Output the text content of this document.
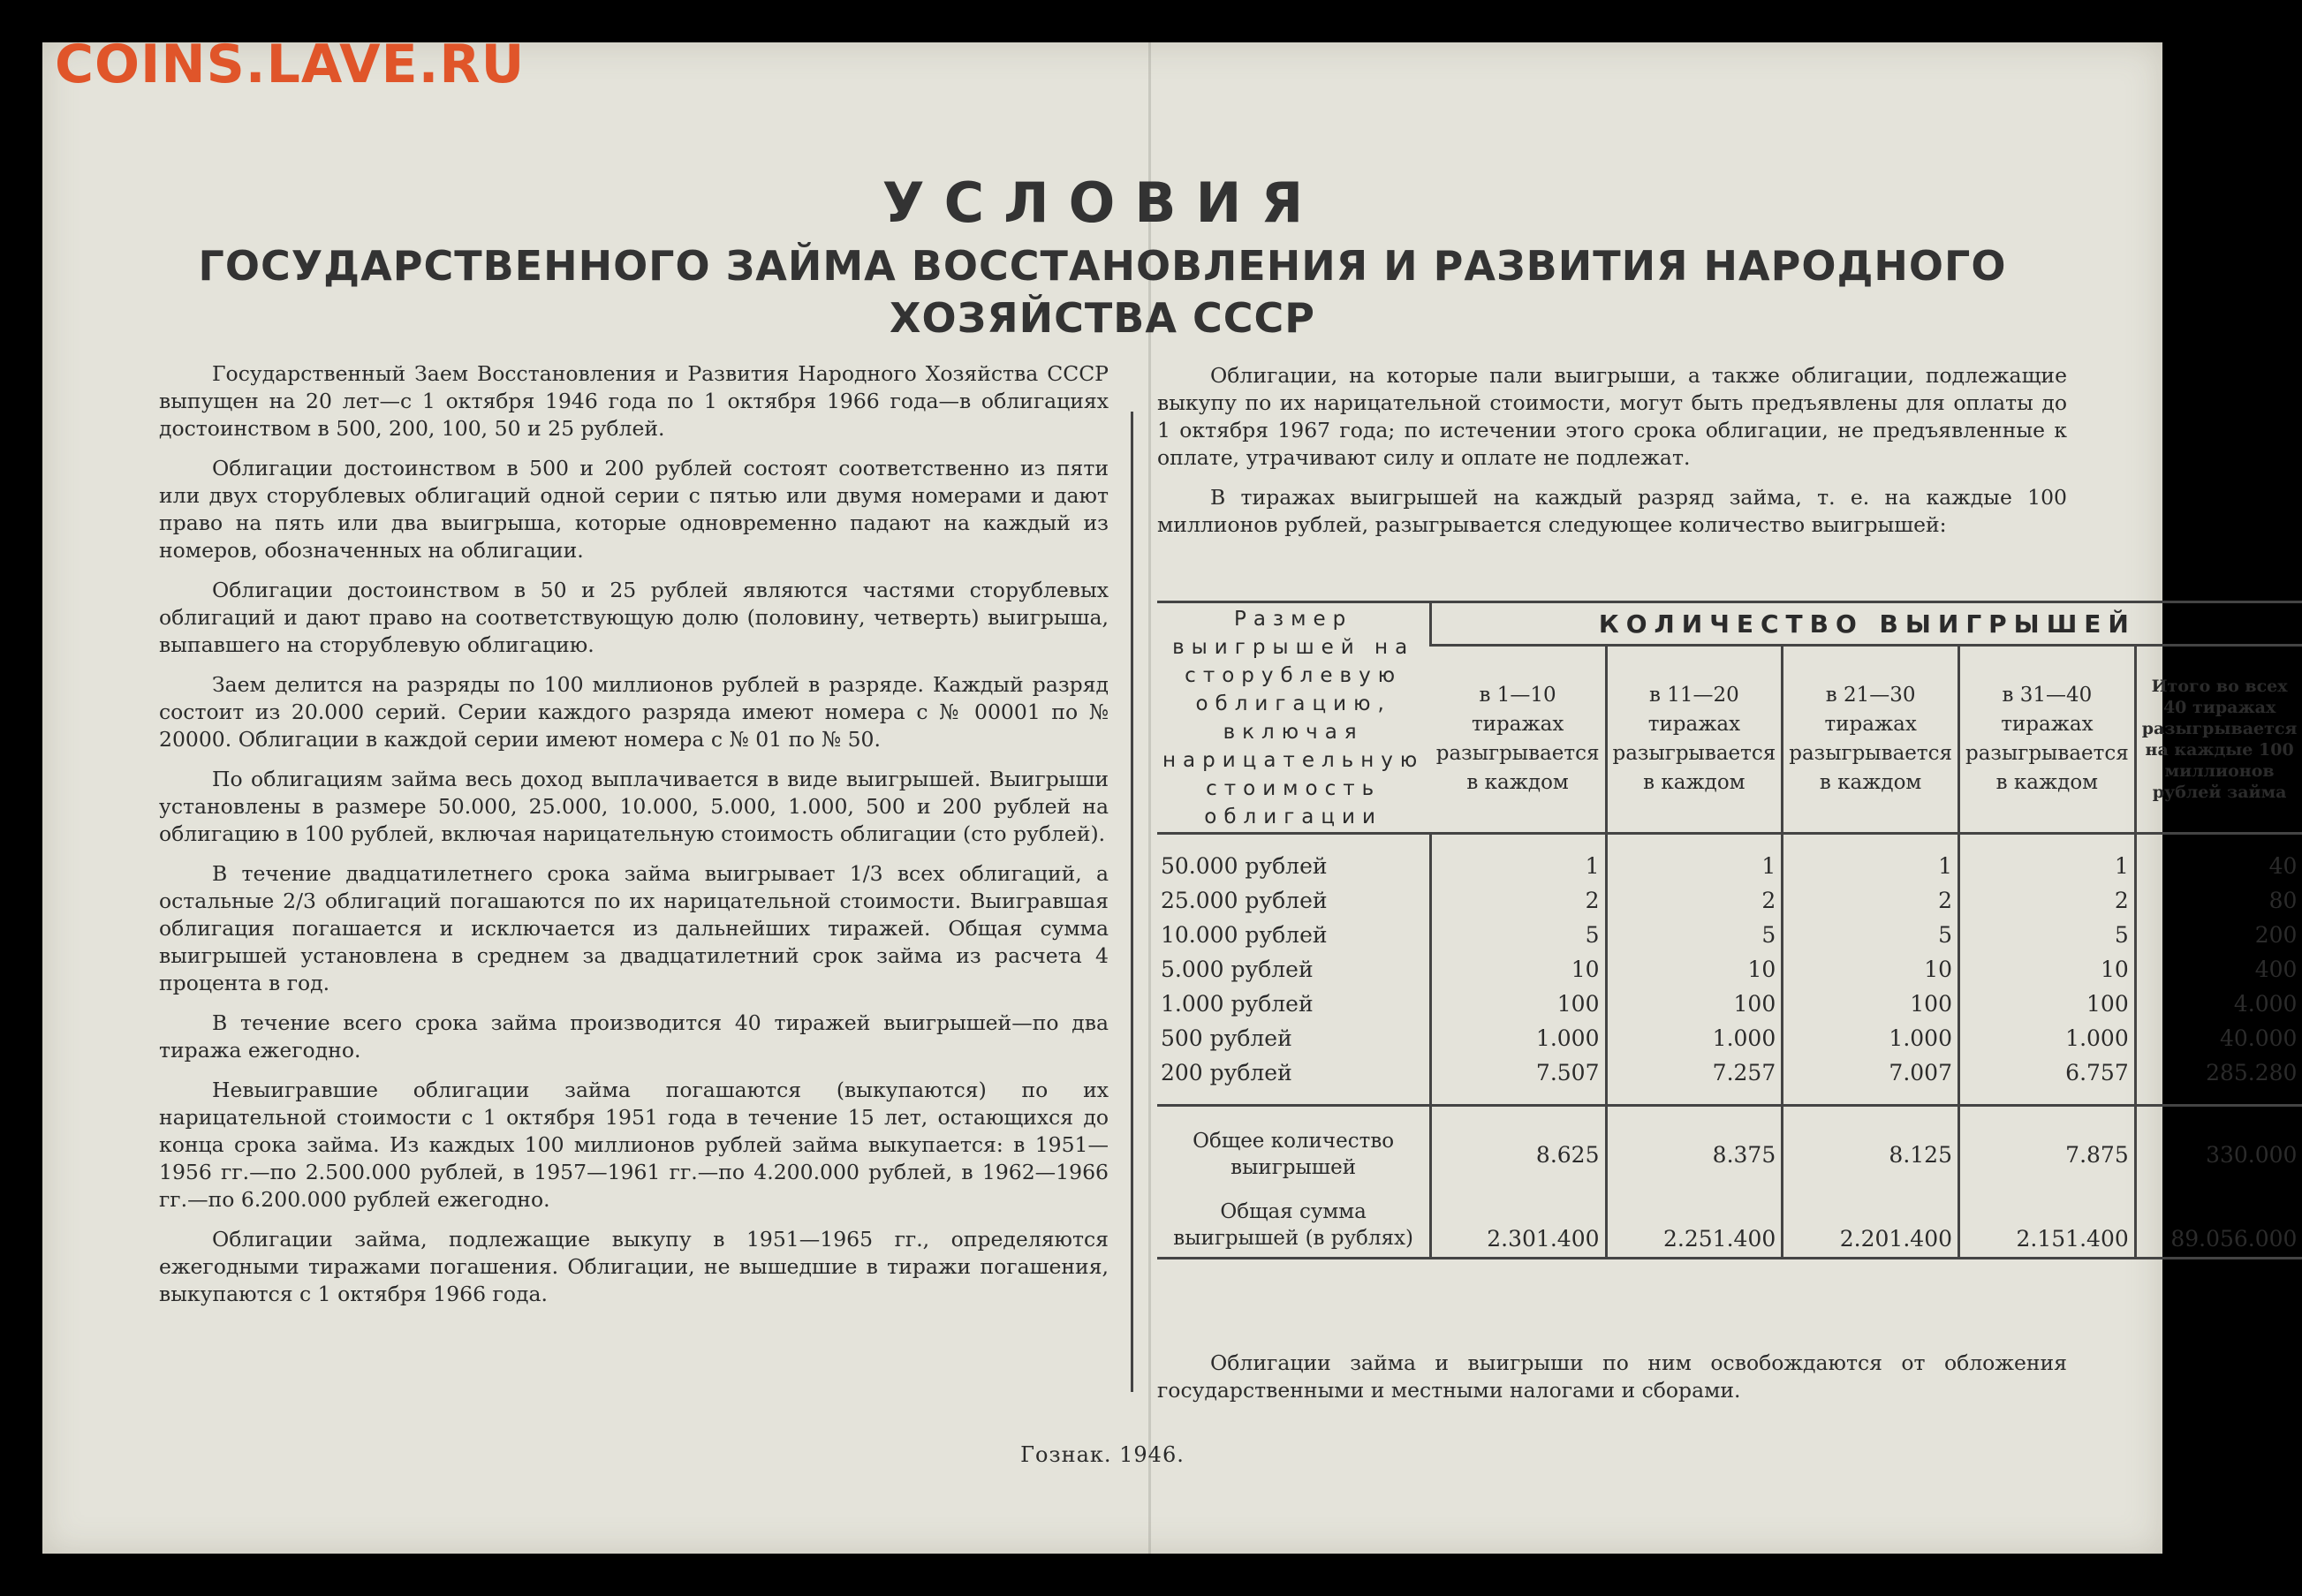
COINS.LAVE.RU
УСЛОВИЯ
ГОСУДАРСТВЕННОГО ЗАЙМА ВОССТАНОВЛЕНИЯ И РАЗВИТИЯ НАРОДНОГО
ХОЗЯЙСТВА СССР

Государственный Заем Восстановления и Развития Народного Хозяйства СССР выпущен на 20 лет—с 1 октября 1946 года по 1 октября 1966 года—в облигациях достоинством в 500, 200, 100, 50 и 25 рублей.

Облигации достоинством в 500 и 200 рублей состоят соответственно из пяти или двух сторублевых облигаций одной серии с пятью или двумя номерами и дают право на пять или два выигрыша, которые одновременно падают на каждый из номеров, обозначенных на облигации.

Облигации достоинством в 50 и 25 рублей являются частями сторублевых облигаций и дают право на соответствующую долю (половину, четверть) выигрыша, выпавшего на сторублевую облигацию.

Заем делится на разряды по 100 миллионов рублей в разряде. Каждый разряд состоит из 20.000 серий. Серии каждого разряда имеют номера с № 00001 по № 20000. Облигации в каждой серии имеют номера с № 01 по № 50.

По облигациям займа весь доход выплачивается в виде выигрышей. Выигрыши установлены в размере 50.000, 25.000, 10.000, 5.000, 1.000, 500 и 200 рублей на облигацию в 100 рублей, включая нарицательную стоимость облигации (сто рублей).

В течение двадцатилетнего срока займа выигрывает 1/3 всех облигаций, а остальные 2/3 облигаций погашаются по их нарицательной стоимости. Выигравшая облигация погашается и исключается из дальнейших тиражей. Общая сумма выигрышей установлена в среднем за двадцатилетний срок займа из расчета 4 процента в год.

В течение всего срока займа производится 40 тиражей выигрышей—по два тиража ежегодно.

Невыигравшие облигации займа погашаются (выкупаются) по их нарицательной стоимости с 1 октября 1951 года в течение 15 лет, остающихся до конца срока займа. Из каждых 100 миллионов рублей займа выкупается: в 1951—1956 гг.—по 2.500.000 рублей, в 1957—1961 гг.—по 4.200.000 рублей, в 1962—1966 гг.—по 6.200.000 рублей ежегодно.

Облигации займа, подлежащие выкупу в 1951—1965 гг., определяются ежегодными тиражами погашения. Облигации, не вышедшие в тиражи погашения, выкупаются с 1 октября 1966 года.

Облигации, на которые пали выигрыши, а также облигации, подлежащие выкупу по их нарицательной стоимости, могут быть предъявлены для оплаты до 1 октября 1967 года; по истечении этого срока облигации, не предъявленные к оплате, утрачивают силу и оплате не подлежат.

В тиражах выигрышей на каждый разряд займа, т. е. на каждые 100 миллионов рублей, разыгрывается следующее количество выигрышей:

Размер выигрышей на сторублевую облигацию, включая нарицательную стоимость облигации	КОЛИЧЕСТВО ВЫИГРЫШЕЙ				
	в 1—10 тиражах разыгрывается в каждом	в 11—20 тиражах разыгрывается в каждом	в 21—30 тиражах разыгрывается в каждом	в 31—40 тиражах разыгрывается в каждом	Итого во всех 40 тиражах разыгрывается на каждые 100 миллионов рублей займа
50.000 рублей	1	1	1	1	40
25.000 рублей	2	2	2	2	80
10.000 рублей	5	5	5	5	200
5.000 рублей	10	10	10	10	400
1.000 рублей	100	100	100	100	4.000
500 рублей	1.000	1.000	1.000	1.000	40.000
200 рублей	7.507	7.257	7.007	6.757	285.280
Общее количество выигрышей	8.625	8.375	8.125	7.875	330.000
Общая сумма выигрышей (в рублях)	2.301.400	2.251.400	2.201.400	2.151.400	89.056.000
Облигации займа и выигрыши по ним освобождаются от обложения государственными и местными налогами и сборами.
Гознак. 1946.
